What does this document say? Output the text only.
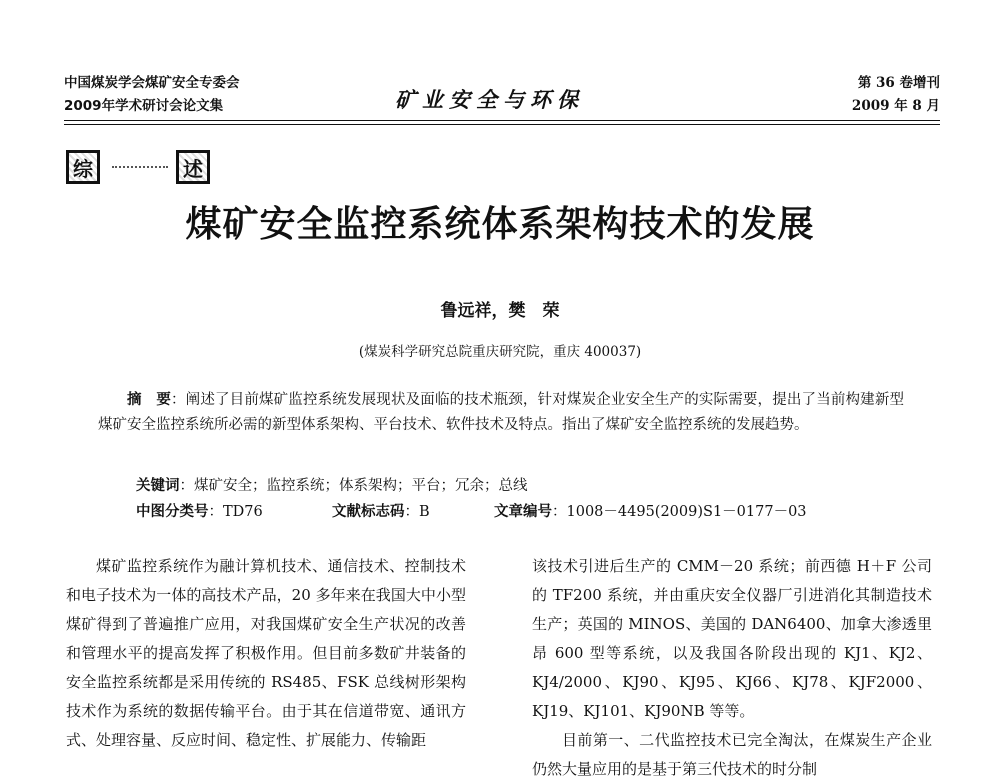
中国煤炭学会煤矿安全专委会
2009年学术研讨会论文集	矿业安全与环保
第 36 卷增刊
2009 年 8 月
综	述
煤矿安全监控系统体系架构技术的发展
鲁远祥，樊　荣
(煤炭科学研究总院重庆研究院，重庆 400037)
摘　要：阐述了目前煤矿监控系统发展现状及面临的技术瓶颈，针对煤炭企业安全生产的实际需要，提出了当前构建新型煤矿安全监控系统所必需的新型体系架构、平台技术、软件技术及特点。指出了煤矿安全监控系统的发展趋势。
关键词：煤矿安全；监控系统；体系架构；平台；冗余；总线
中图分类号：TD76	文献标志码：B	文章编号：1008－4495(2009)S1－0177－03

煤矿监控系统作为融计算机技术、通信技术、控制技术和电子技术为一体的高技术产品，20 多年来在我国大中小型煤矿得到了普遍推广应用，对我国煤矿安全生产状况的改善和管理水平的提高发挥了积极作用。但目前多数矿井装备的安全监控系统都是采用传统的 RS485、FSK 总线树形架构技术作为系统的数据传输平台。由于其在信道带宽、通讯方式、处理容量、反应时间、稳定性、扩展能力、传输距

该技术引进后生产的 CMM－20 系统；前西德 H＋F 公司的 TF200 系统，并由重庆安全仪器厂引进消化其制造技术生产；英国的 MINOS、美国的 DAN6400、加拿大渗透里昂 600 型等系统，以及我国各阶段出现的 KJ1、KJ2、KJ4/2000、KJ90、KJ95、KJ66、KJ78、KJF2000、KJ19、KJ101、KJ90NB 等等。

目前第一、二代监控技术已完全淘汰，在煤炭生产企业仍然大量应用的是基于第三代技术的时分制
